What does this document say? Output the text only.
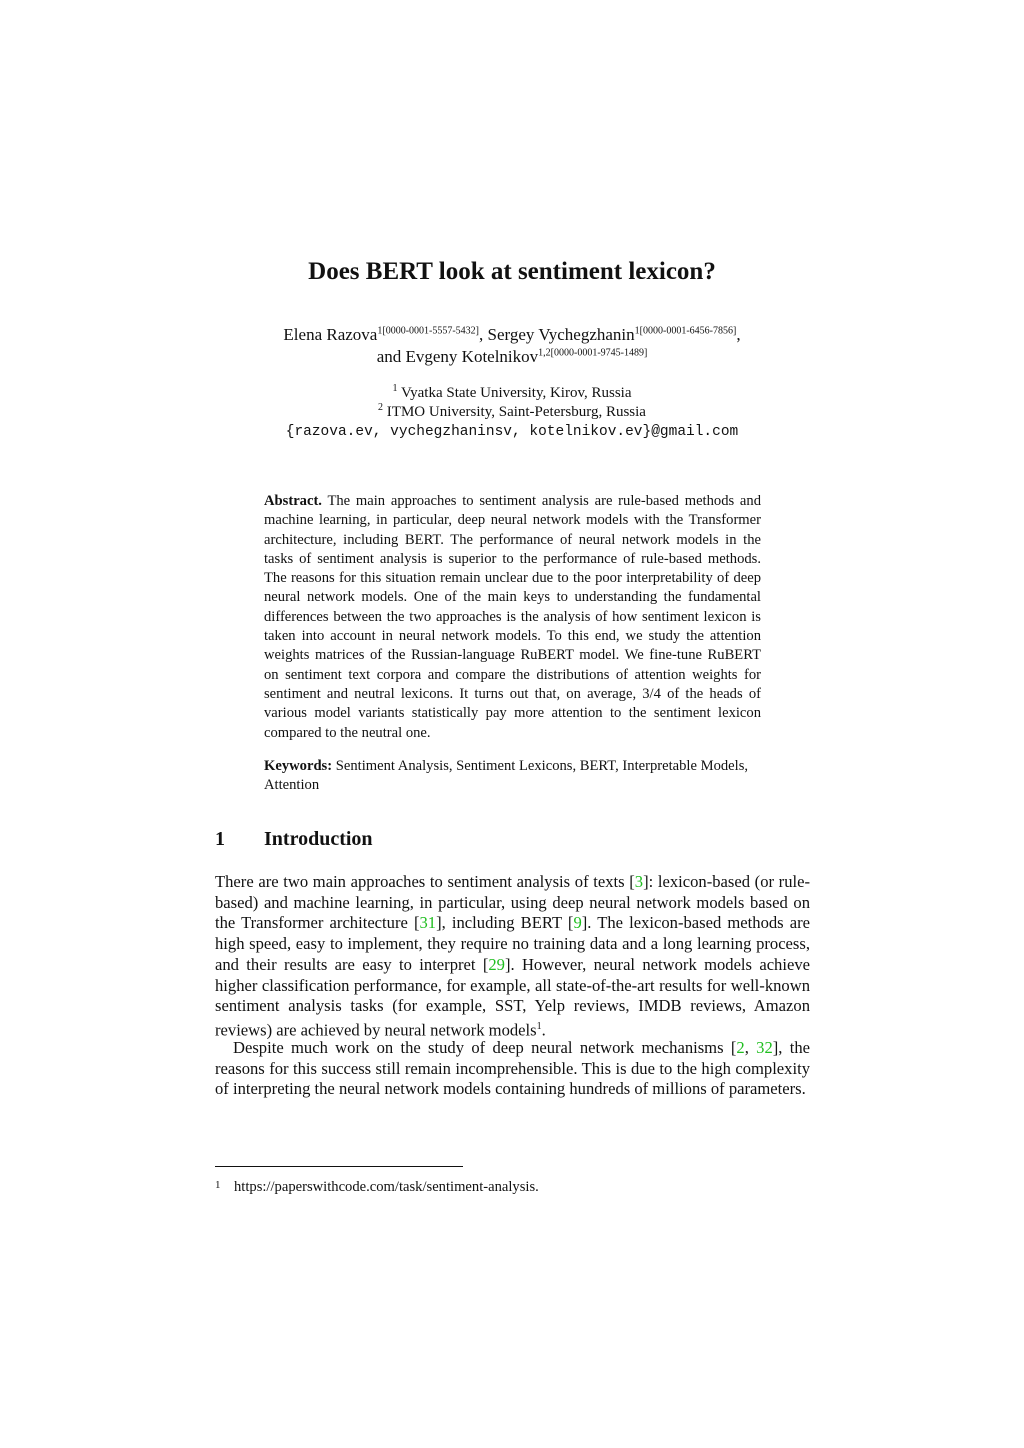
Does BERT look at sentiment lexicon?
Elena Razova$^{1[0000-0001-5557-5432]}$, Sergey Vychegzhanin$^{1[0000-0001-6456-7856]}$,
and Evgeny Kotelnikov$^{1,2[0000-0001-9745-1489]}$
$^1$ Vyatka State University, Kirov, Russia
$^2$ ITMO University, Saint-Petersburg, Russia
{razova.ev, vychegzhaninsv, kotelnikov.ev}@gmail.com
Abstract. The main approaches to sentiment analysis are rule-based methods and machine learning, in particular, deep neural network models with the Transformer architecture, including BERT. The performance of neural network models in the tasks of sentiment analysis is superior to the performance of rule-based methods. The reasons for this situation remain unclear due to the poor interpretability of deep neural network models. One of the main keys to understanding the fundamental differences between the two approaches is the analysis of how sentiment lexicon is taken into account in neural network models. To this end, we study the attention weights matrices of the Russian-language RuBERT model. We fine-tune RuBERT on sentiment text corpora and compare the distributions of attention weights for sentiment and neutral lexicons. It turns out that, on average, 3/4 of the heads of various model variants statistically pay more attention to the sentiment lexicon compared to the neutral one.
Keywords: Sentiment Analysis, Sentiment Lexicons, BERT, Interpretable Models, Attention
1 Introduction
There are two main approaches to sentiment analysis of texts [3]: lexicon-based (or rule-based) and machine learning, in particular, using deep neural network models based on the Transformer architecture [31], including BERT [9]. The lexicon-based methods are high speed, easy to implement, they require no training data and a long learning process, and their results are easy to interpret [29]. However, neural network models achieve higher classification performance, for example, all state-of-the-art results for well-known sentiment analysis tasks (for example, SST, Yelp reviews, IMDB reviews, Amazon reviews) are achieved by neural network models$^1$.
Despite much work on the study of deep neural network mechanisms [2, 32], the reasons for this success still remain incomprehensible. This is due to the high complexity of interpreting the neural network models containing hundreds of millions of parameters.
1 https://paperswithcode.com/task/sentiment-analysis.
